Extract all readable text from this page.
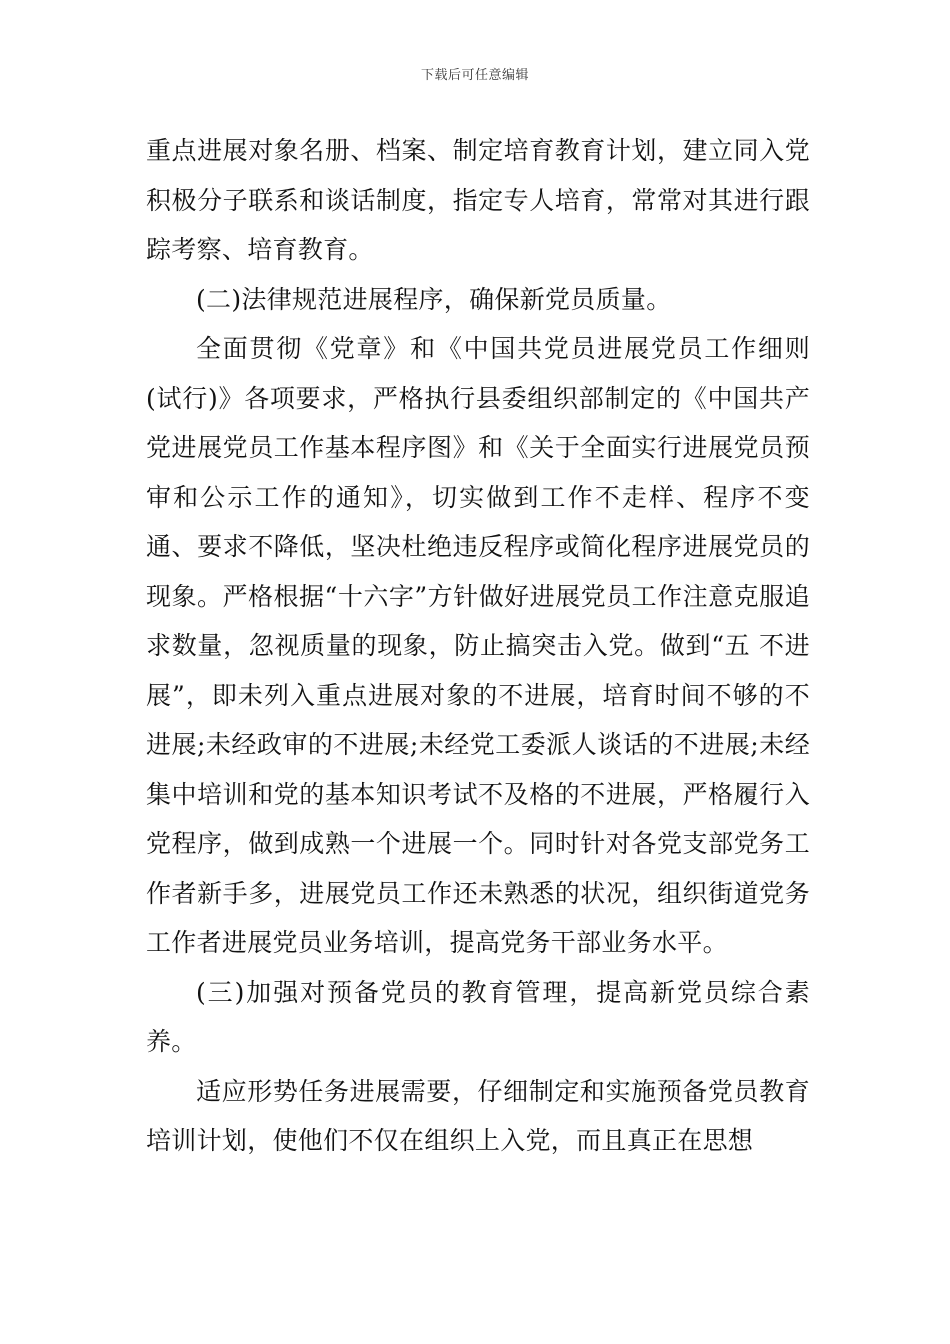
下载后可任意编辑

重点进展对象名册、档案、制定培育教育计划，建立同入党积极分子联系和谈话制度，指定专人培育，常常对其进行跟踪考察、培育教育。

(二)法律规范进展程序，确保新党员质量。

全面贯彻《党章》和《中国共党员进展党员工作细则(试行)》各项要求，严格执行县委组织部制定的《中国共产党进展党员工作基本程序图》和《关于全面实行进展党员预审和公示工作的通知》，切实做到工作不走样、程序不变通、要求不降低，坚决杜绝违反程序或简化程序进展党员的现象。严格根据“十六字”方针做好进展党员工作注意克服追求数量，忽视质量的现象，防止搞突击入党。做到“五 不进展”，即未列入重点进展对象的不进展，培育时间不够的不进展;未经政审的不进展;未经党工委派人谈话的不进展;未经集中培训和党的基本知识考试不及格的不进展，严格履行入党程序，做到成熟一个进展一个。同时针对各党支部党务工作者新手多，进展党员工作还未熟悉的状况，组织街道党务工作者进展党员业务培训，提高党务干部业务水平。

(三)加强对预备党员的教育管理，提高新党员综合素养。

适应形势任务进展需要，仔细制定和实施预备党员教育培训计划，使他们不仅在组织上入党，而且真正在思想
